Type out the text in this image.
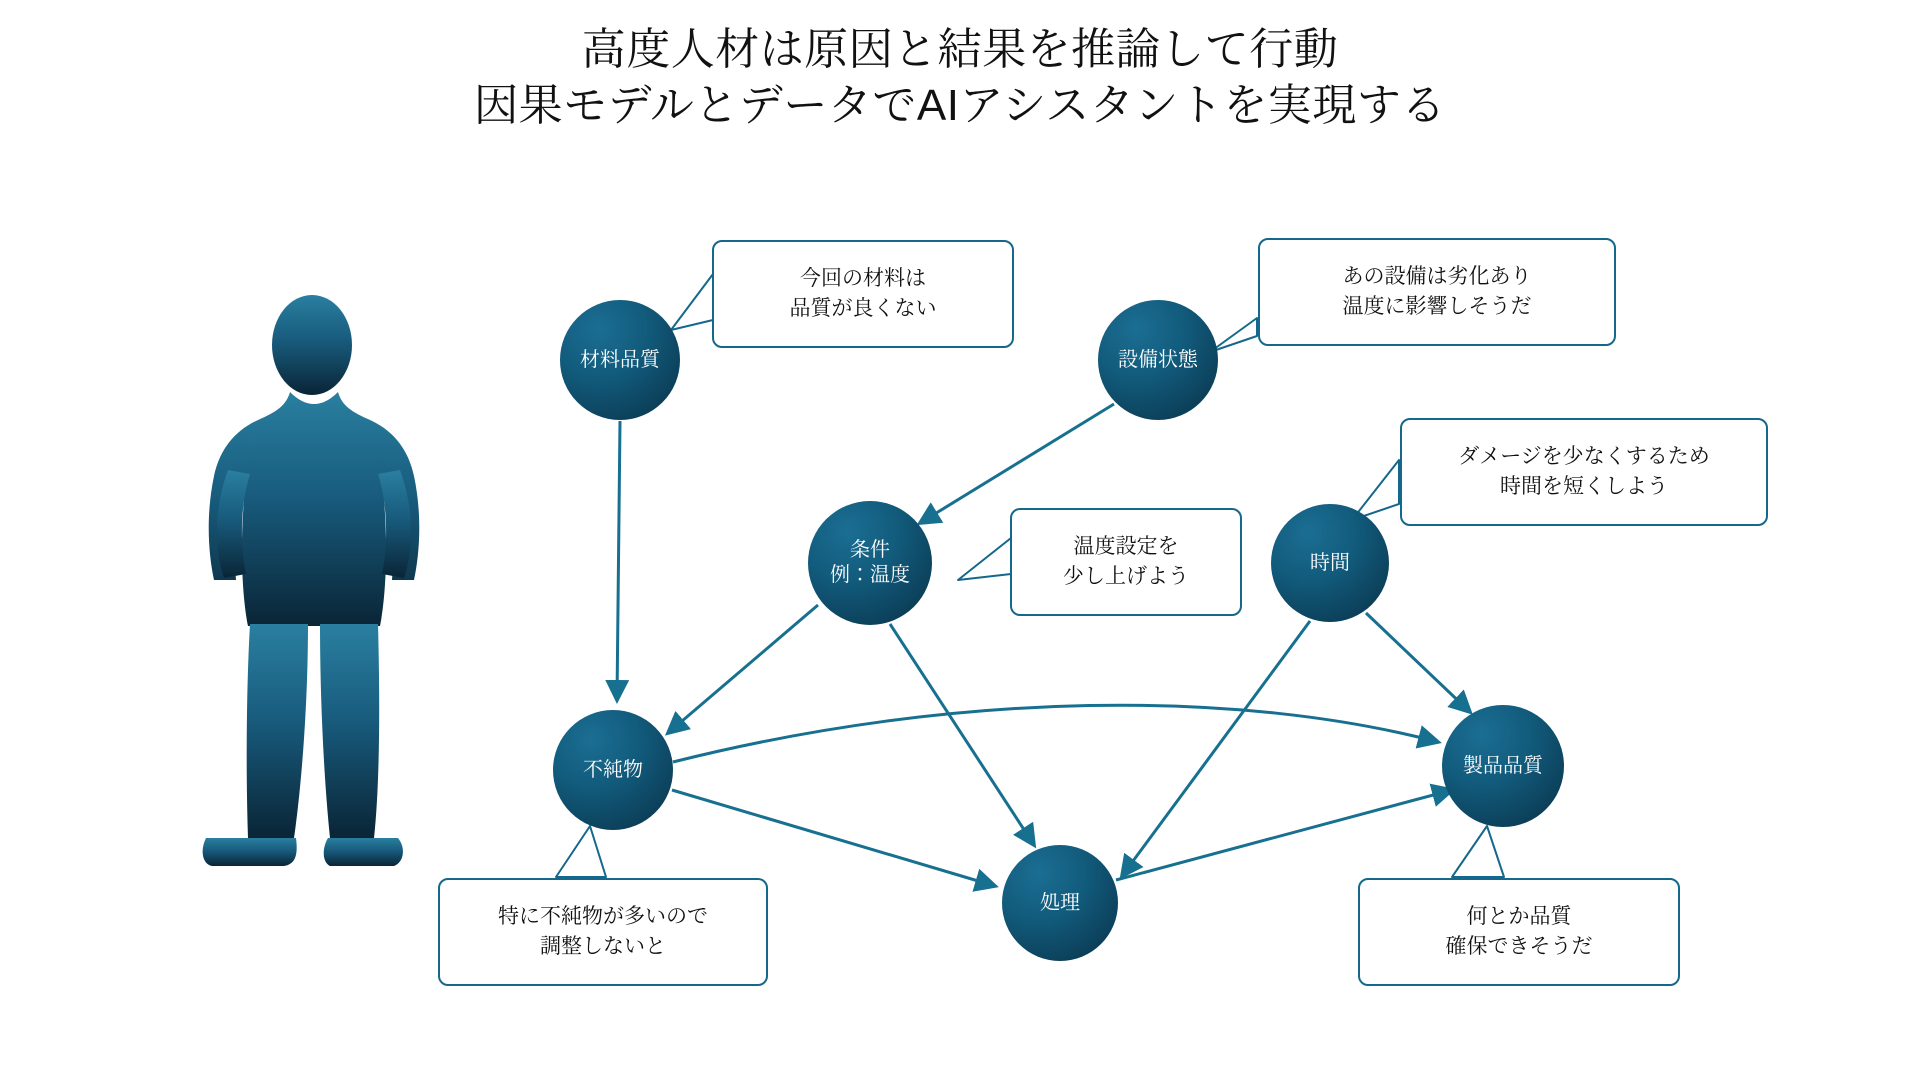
高度人材は原因と結果を推論して行動
因果モデルとデータでAIアシスタントを実現する
材料品質	設備状態
条件
例：温度
時間
不純物	製品品質
処理
今回の材料は
品質が良くない
あの設備は劣化あり
温度に影響しそうだ
ダメージを少なくするため
時間を短くしよう
温度設定を
少し上げよう
特に不純物が多いので
調整しないと
何とか品質
確保できそうだ
